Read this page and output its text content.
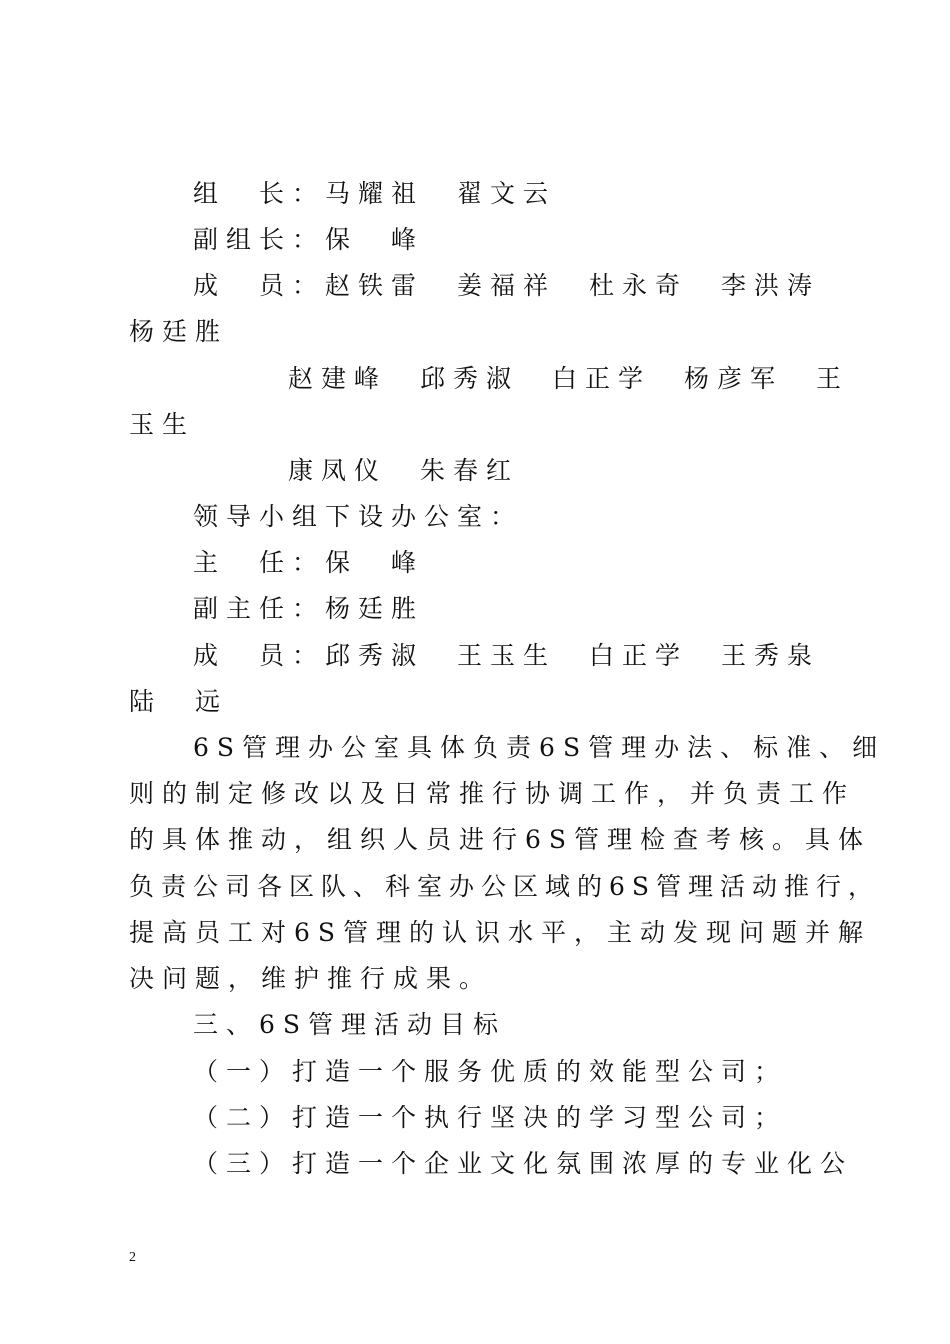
组　长：马耀祖　翟文云
副组长：保　峰
成　员：赵铁雷　姜福祥　杜永奇　李洪涛
杨廷胜
赵建峰　邱秀淑　白正学　杨彦军　王
玉生
康凤仪　朱春红
领导小组下设办公室：
主　任：保　峰
副主任：杨廷胜
成　员：邱秀淑　王玉生　白正学　王秀泉
陆　远
6S管理办公室具体负责6S管理办法、标准、细
则的制定修改以及日常推行协调工作，并负责工作
的具体推动，组织人员进行6S管理检查考核。具体
负责公司各区队、科室办公区域的6S管理活动推行，
提高员工对6S管理的认识水平，主动发现问题并解
决问题，维护推行成果。
三、6S管理活动目标
（一）打造一个服务优质的效能型公司；
（二）打造一个执行坚决的学习型公司；
（三）打造一个企业文化氛围浓厚的专业化公
2
